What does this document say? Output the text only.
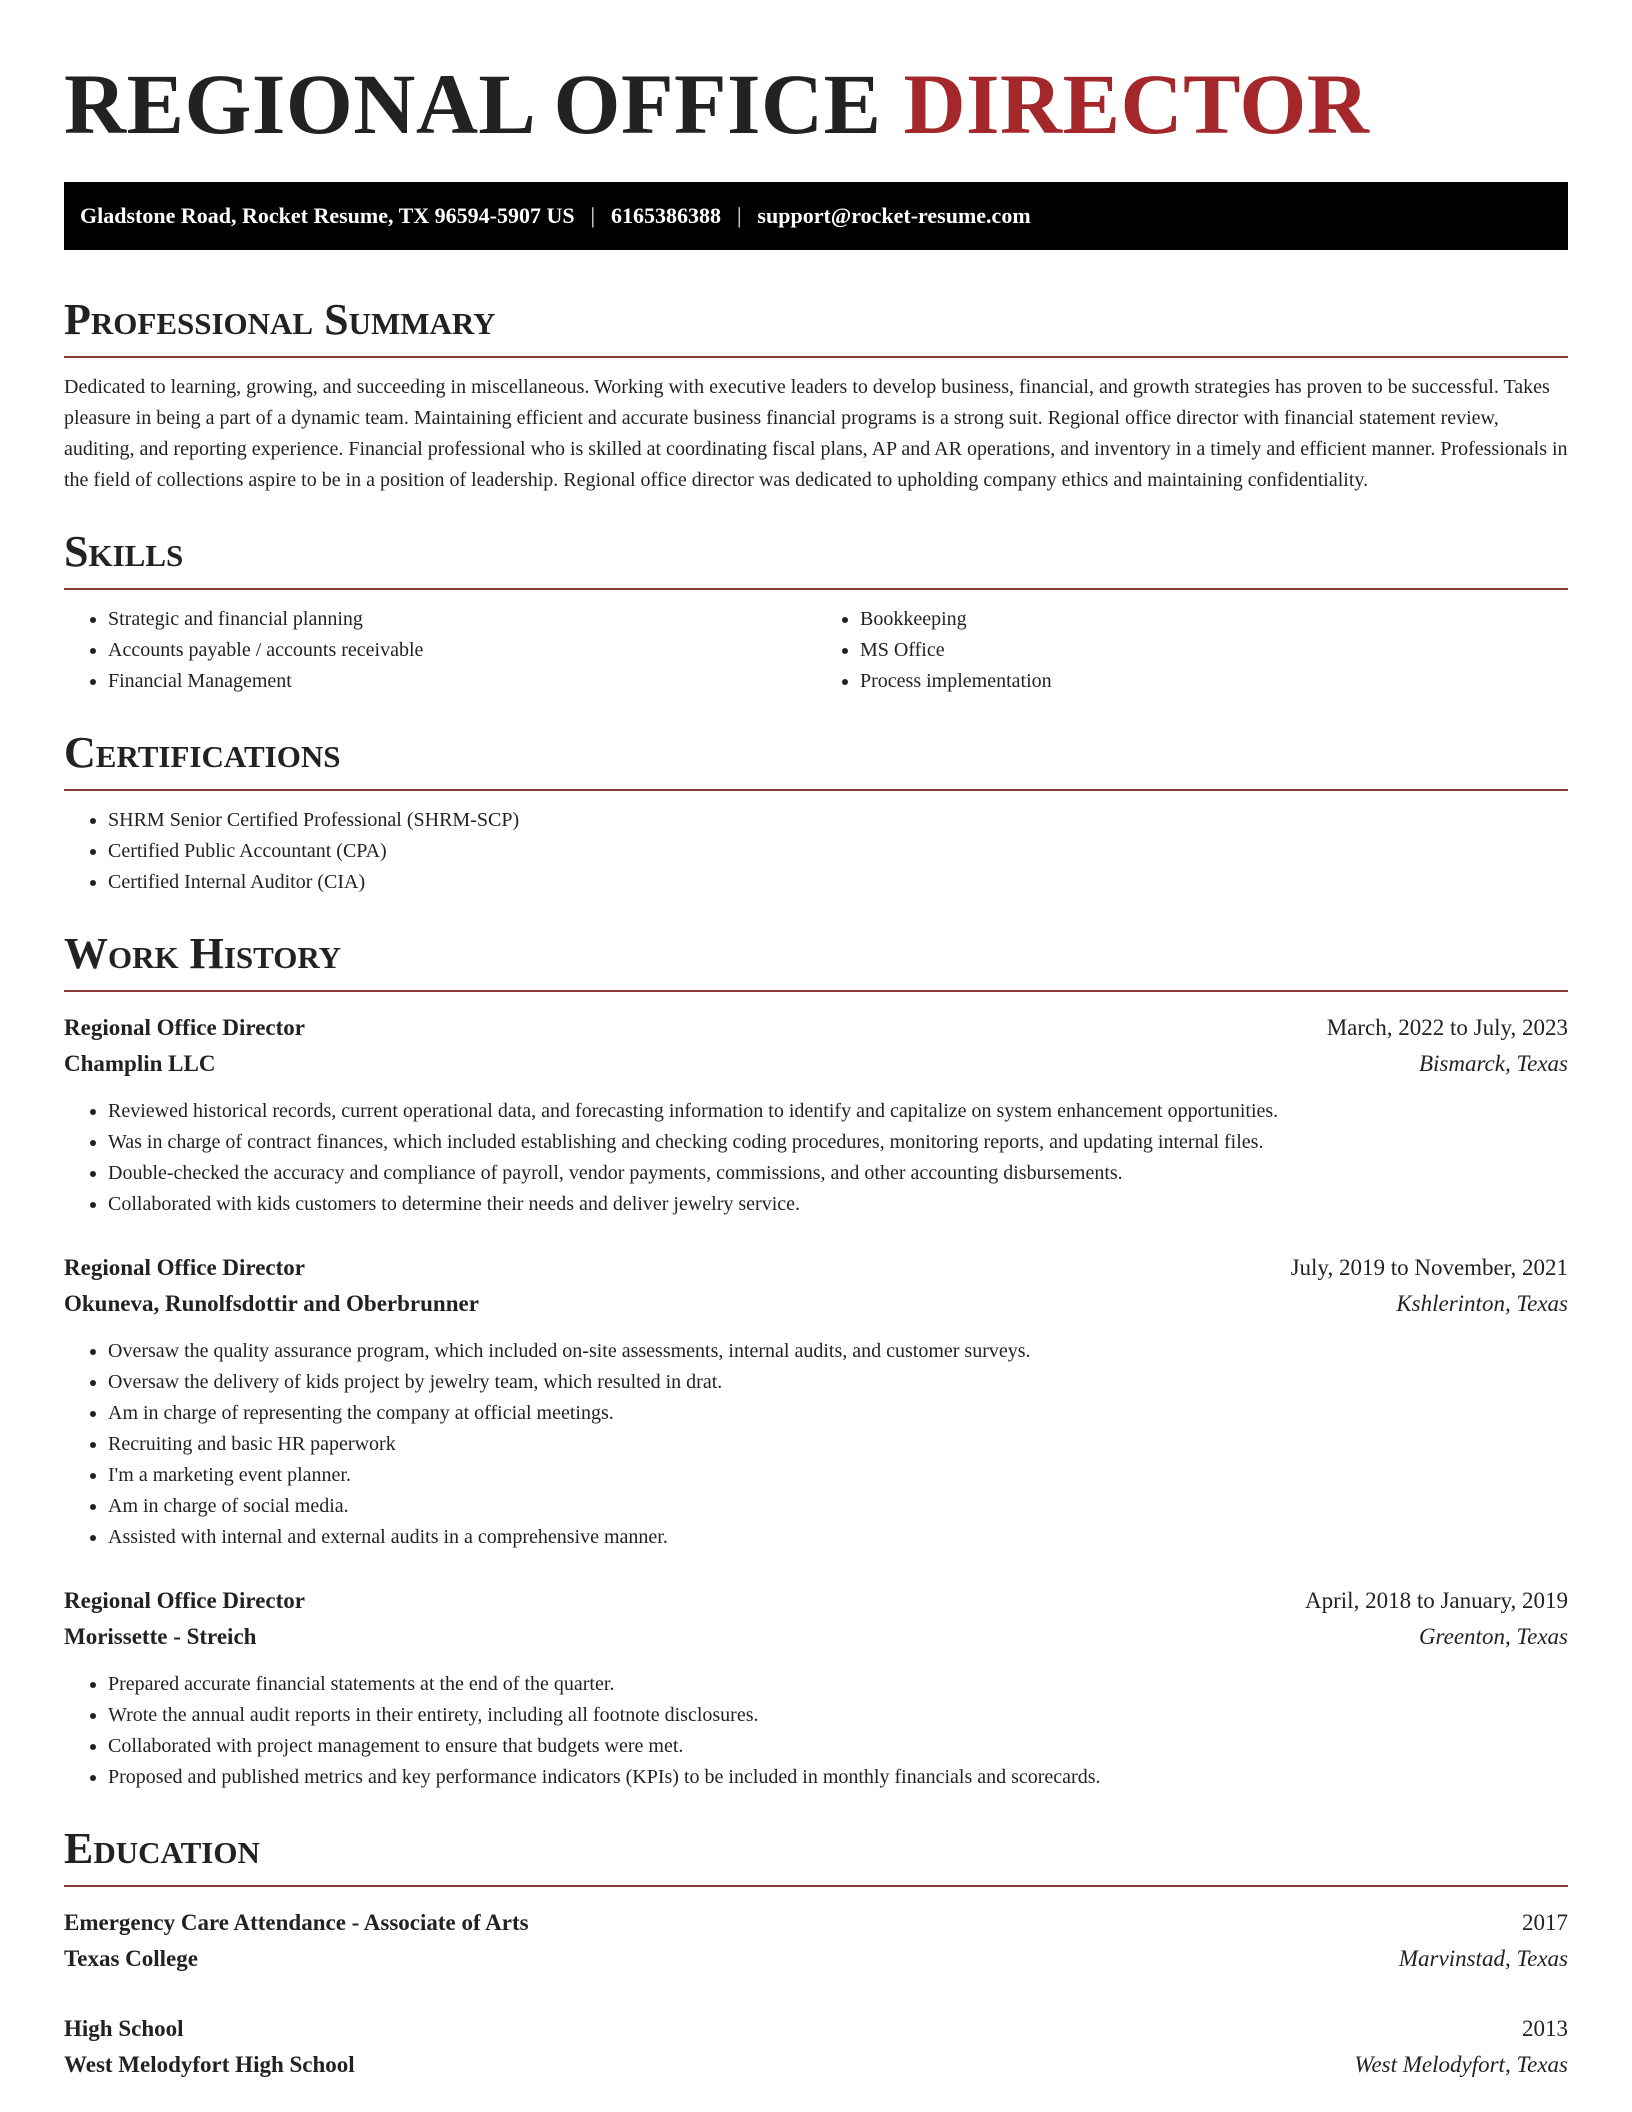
REGIONAL OFFICE DIRECTOR
Gladstone Road, Rocket Resume, TX 96594-5907 US | 6165386388 | support@rocket-resume.com
Professional Summary

Dedicated to learning, growing, and succeeding in miscellaneous. Working with executive leaders to develop business, financial, and growth strategies has proven to be successful. Takes pleasure in being a part of a dynamic team. Maintaining efficient and accurate business financial programs is a strong suit. Regional office director with financial statement review, auditing, and reporting experience. Financial professional who is skilled at coordinating fiscal plans, AP and AR operations, and inventory in a timely and efficient manner. Professionals in the field of collections aspire to be in a position of leadership. Regional office director was dedicated to upholding company ethics and maintaining confidentiality.

Skills
• Strategic and financial planning
• Accounts payable / accounts receivable
• Financial Management
• Bookkeeping
• MS Office
• Process implementation
Certifications
• SHRM Senior Certified Professional (SHRM-SCP)
• Certified Public Accountant (CPA)
• Certified Internal Auditor (CIA)
Work History
Regional Office Director	March, 2022 to July, 2023
Champlin LLC	Bismarck, Texas
• Reviewed historical records, current operational data, and forecasting information to identify and capitalize on system enhancement opportunities.
• Was in charge of contract finances, which included establishing and checking coding procedures, monitoring reports, and updating internal files.
• Double-checked the accuracy and compliance of payroll, vendor payments, commissions, and other accounting disbursements.
• Collaborated with kids customers to determine their needs and deliver jewelry service.
Regional Office Director	July, 2019 to November, 2021
Okuneva, Runolfsdottir and Oberbrunner	Kshlerinton, Texas
• Oversaw the quality assurance program, which included on-site assessments, internal audits, and customer surveys.
• Oversaw the delivery of kids project by jewelry team, which resulted in drat.
• Am in charge of representing the company at official meetings.
• Recruiting and basic HR paperwork
• I'm a marketing event planner.
• Am in charge of social media.
• Assisted with internal and external audits in a comprehensive manner.
Regional Office Director	April, 2018 to January, 2019
Morissette - Streich	Greenton, Texas
• Prepared accurate financial statements at the end of the quarter.
• Wrote the annual audit reports in their entirety, including all footnote disclosures.
• Collaborated with project management to ensure that budgets were met.
• Proposed and published metrics and key performance indicators (KPIs) to be included in monthly financials and scorecards.
Education
Emergency Care Attendance - Associate of Arts	2017
Texas College	Marvinstad, Texas
High School	2013
West Melodyfort High School	West Melodyfort, Texas
